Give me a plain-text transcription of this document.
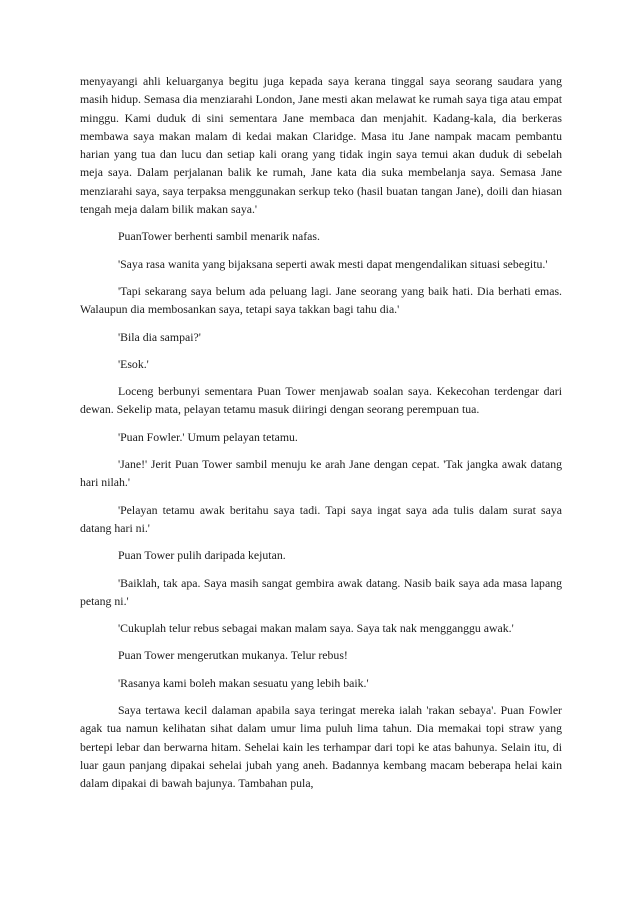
menyayangi ahli keluarganya begitu juga kepada saya kerana tinggal saya seorang saudara yang masih hidup. Semasa dia menziarahi London, Jane mesti akan melawat ke rumah saya tiga atau empat minggu. Kami duduk di sini sementara Jane membaca dan menjahit. Kadang-kala, dia berkeras membawa saya makan malam di kedai makan Claridge. Masa itu Jane nampak macam pembantu harian yang tua dan lucu dan setiap kali orang yang tidak ingin saya temui akan duduk di sebelah meja saya. Dalam perjalanan balik ke rumah, Jane kata dia suka membelanja saya. Semasa Jane menziarahi saya, saya terpaksa menggunakan serkup teko (hasil buatan tangan Jane), doili dan hiasan tengah meja dalam bilik makan saya.'

PuanTower berhenti sambil menarik nafas.

'Saya rasa wanita yang bijaksana seperti awak mesti dapat mengendalikan situasi sebegitu.'

'Tapi sekarang saya belum ada peluang lagi. Jane seorang yang baik hati. Dia berhati emas. Walaupun dia membosankan saya, tetapi saya takkan bagi tahu dia.'

'Bila dia sampai?'

'Esok.'

Loceng berbunyi sementara Puan Tower menjawab soalan saya. Kekecohan terdengar dari dewan. Sekelip mata, pelayan tetamu masuk diiringi dengan seorang perempuan tua.

'Puan Fowler.' Umum pelayan tetamu.

'Jane!' Jerit Puan Tower sambil menuju ke arah Jane dengan cepat. 'Tak jangka awak datang hari nilah.'

'Pelayan tetamu awak beritahu saya tadi. Tapi saya ingat saya ada tulis dalam surat saya datang hari ni.'

Puan Tower pulih daripada kejutan.

'Baiklah, tak apa. Saya masih sangat gembira awak datang. Nasib baik saya ada masa lapang petang ni.'

'Cukuplah telur rebus sebagai makan malam saya. Saya tak nak mengganggu awak.'

Puan Tower mengerutkan mukanya. Telur rebus!

'Rasanya kami boleh makan sesuatu yang lebih baik.'

Saya tertawa kecil dalaman apabila saya teringat mereka ialah 'rakan sebaya'. Puan Fowler agak tua namun kelihatan sihat dalam umur lima puluh lima tahun. Dia memakai topi straw yang bertepi lebar dan berwarna hitam. Sehelai kain les terhampar dari topi ke atas bahunya. Selain itu, di luar gaun panjang dipakai sehelai jubah yang aneh. Badannya kembang macam beberapa helai kain dalam dipakai di bawah bajunya. Tambahan pula,
